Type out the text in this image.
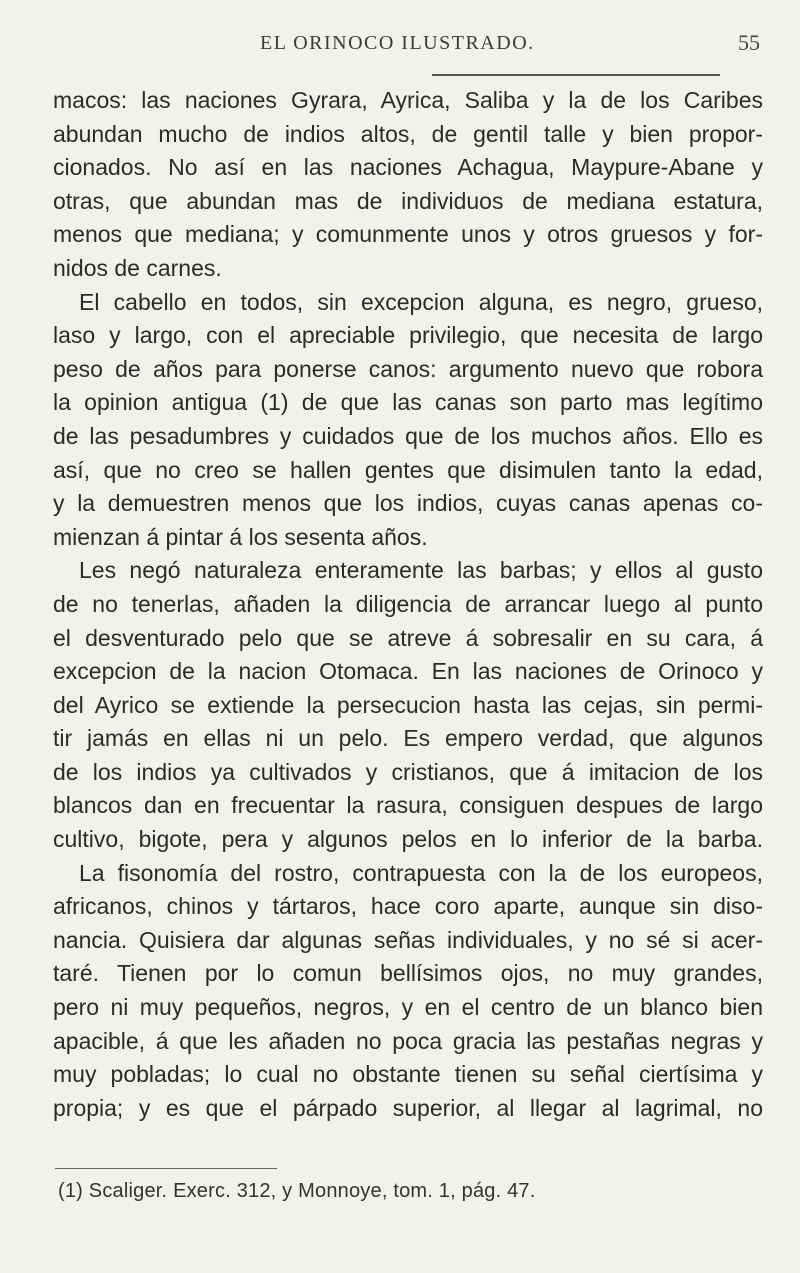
EL ORINOCO ILUSTRADO.	55

macos: las naciones Gyrara, Ayrica, Saliba y la de los Caribes
abundan mucho de indios altos, de gentil talle y bien propor-
cionados. No así en las naciones Achagua, Maypure-Abane y
otras, que abundan mas de individuos de mediana estatura,
menos que mediana; y comunmente unos y otros gruesos y for-
nidos de carnes.

El cabello en todos, sin excepcion alguna, es negro, grueso,
laso y largo, con el apreciable privilegio, que necesita de largo
peso de años para ponerse canos: argumento nuevo que robora
la opinion antigua (1) de que las canas son parto mas legítimo
de las pesadumbres y cuidados que de los muchos años. Ello es
así, que no creo se hallen gentes que disimulen tanto la edad,
y la demuestren menos que los indios, cuyas canas apenas co-
mienzan á pintar á los sesenta años.

Les negó naturaleza enteramente las barbas; y ellos al gusto
de no tenerlas, añaden la diligencia de arrancar luego al punto
el desventurado pelo que se atreve á sobresalir en su cara, á
excepcion de la nacion Otomaca. En las naciones de Orinoco y
del Ayrico se extiende la persecucion hasta las cejas, sin permi-
tir jamás en ellas ni un pelo. Es empero verdad, que algunos
de los indios ya cultivados y cristianos, que á imitacion de los
blancos dan en frecuentar la rasura, consiguen despues de largo
cultivo, bigote, pera y algunos pelos en lo inferior de la barba.

La fisonomía del rostro, contrapuesta con la de los europeos,
africanos, chinos y tártaros, hace coro aparte, aunque sin diso-
nancia. Quisiera dar algunas señas individuales, y no sé si acer-
taré. Tienen por lo comun bellísimos ojos, no muy grandes,
pero ni muy pequeños, negros, y en el centro de un blanco bien
apacible, á que les añaden no poca gracia las pestañas negras y
muy pobladas; lo cual no obstante tienen su señal ciertísima y
propia; y es que el párpado superior, al llegar al lagrimal, no

(1) Scaliger. Exerc. 312, y Monnoye, tom. 1, pág. 47.
